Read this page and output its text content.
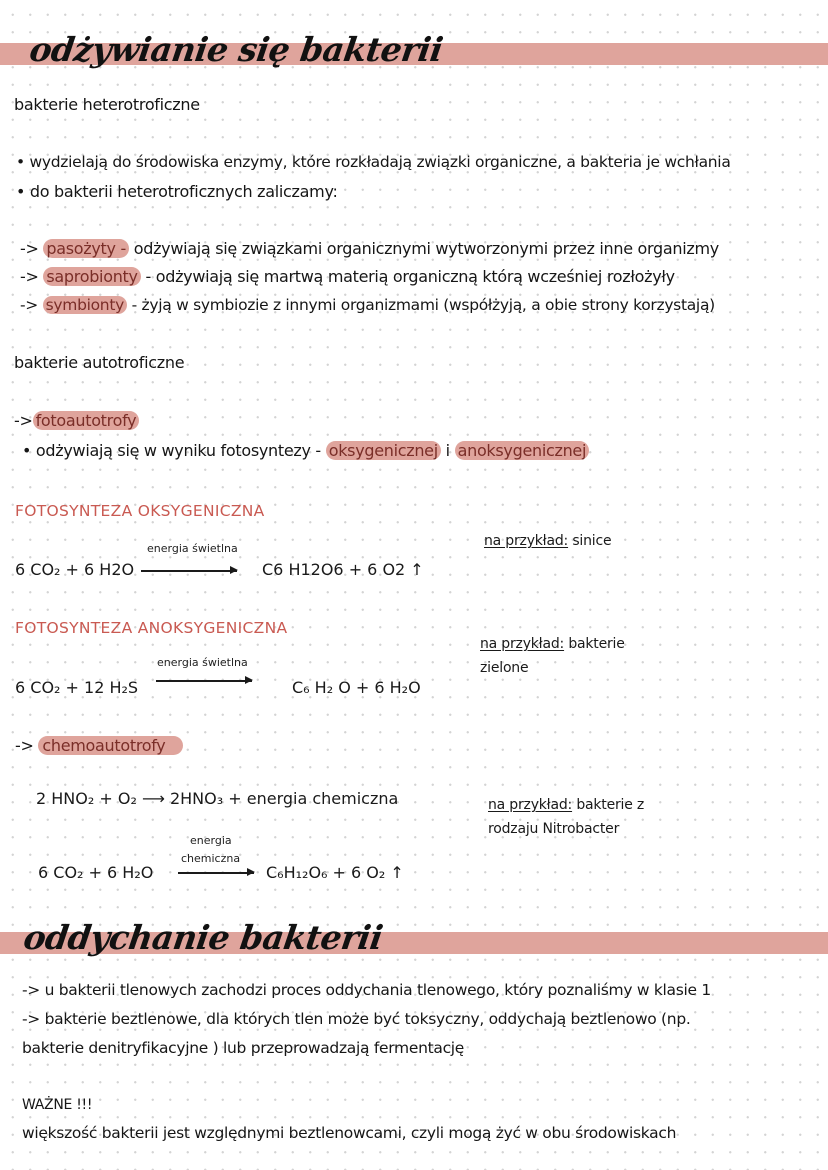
odżywianie się bakterii
bakterie heterotroficzne
• wydzielają do środowiska enzymy, które rozkładają związki organiczne, a bakteria je wchłania
• do bakterii heterotroficznych zaliczamy:
-> pasożyty - odżywiają się związkami organicznymi wytworzonymi przez inne organizmy
-> saprobionty - odżywiają się martwą materią organiczną którą wcześniej rozłożyły
-> symbionty - żyją w symbiozie z innymi organizmami (współżyją, a obie strony korzystają)
bakterie autotroficzne
-> fotoautotrofy
• odżywiają się w wyniku fotosyntezy - oksygenicznej i anoksygenicznej
FOTOSYNTEZA OKSYGENICZNA
6 CO₂ + 6 H2O
energia świetlna
C6 H12O6 + 6 O2 ↑
na przykład: sinice
FOTOSYNTEZA ANOKSYGENICZNA
6 CO₂ + 12 H₂S
energia świetlna
C₆ H₂ O + 6 H₂O
na przykład: bakterie
zielone
-> chemoautotrofy
2 HNO₂ + O₂ ⟶ 2HNO₃ + energia chemiczna	na przykład: bakterie z
rodzaju Nitrobacter
6 CO₂ + 6 H₂O
energia
chemiczna
C₆H₁₂O₆ + 6 O₂ ↑
oddychanie bakterii
-> u bakterii tlenowych zachodzi proces oddychania tlenowego, który poznaliśmy w klasie 1
-> bakterie beztlenowe, dla których tlen może być toksyczny, oddychają beztlenowo (np.
bakterie denitryfikacyjne ) lub przeprowadzają fermentację
WAŻNE !!!
większość bakterii jest względnymi beztlenowcami, czyli mogą żyć w obu środowiskach
